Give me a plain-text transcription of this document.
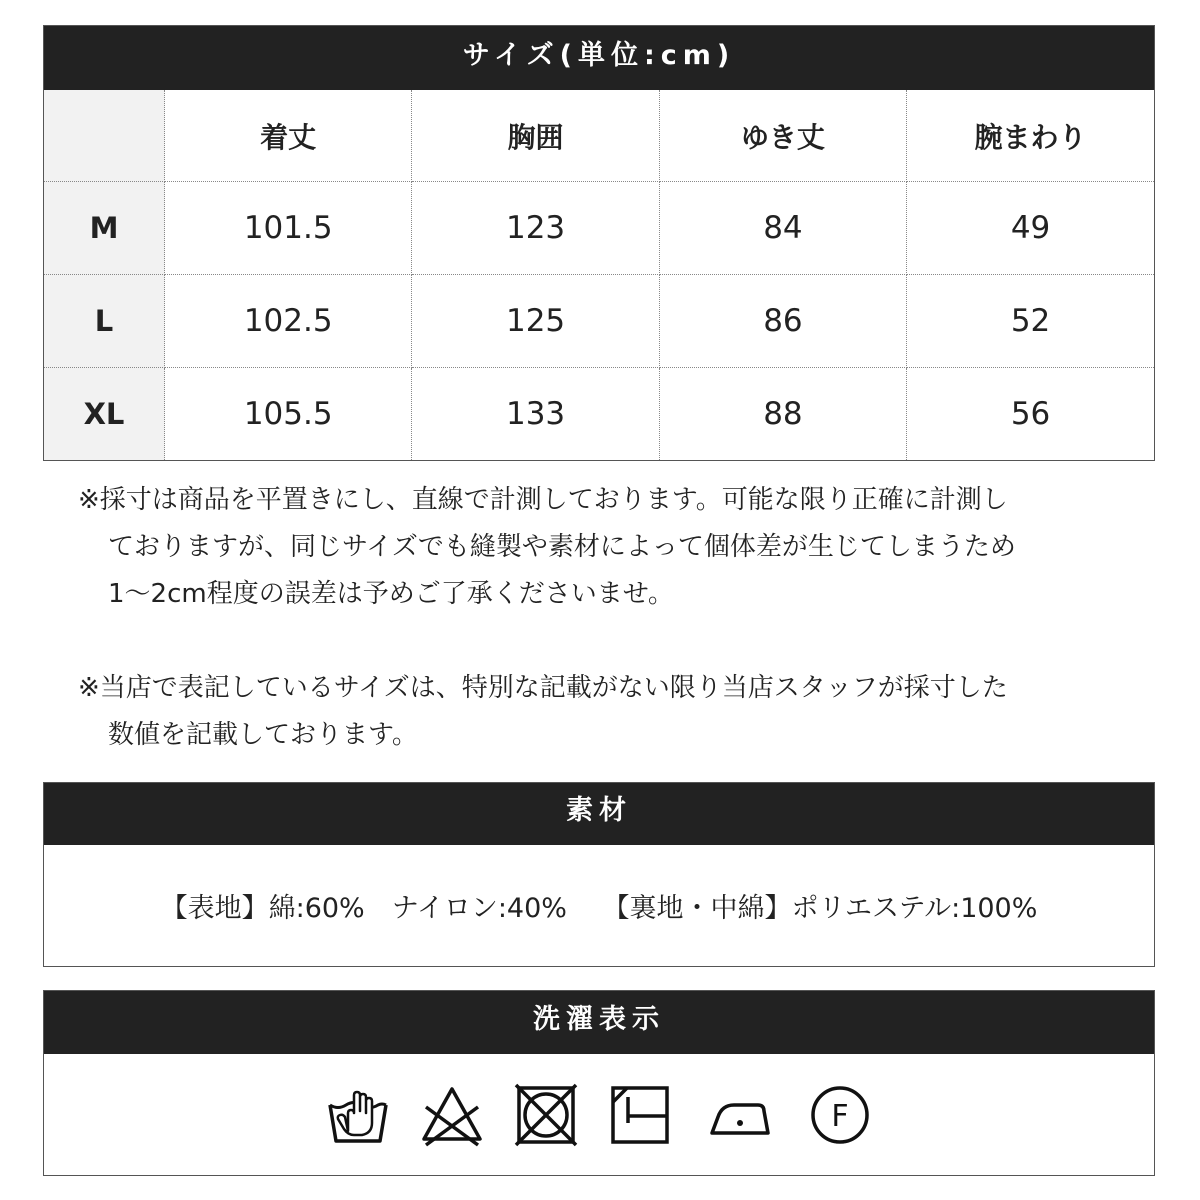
サイズ(単位:cm)
	着丈	胸囲	ゆき丈	腕まわり
M	101.5	123	84	49
L	102.5	125	86	52
XL	105.5	133	88	56

※採寸は商品を平置きにし、直線で計測しております。可能な限り正確に計測し
ておりますが、同じサイズでも縫製や素材によって個体差が生じてしまうため
1〜2cm程度の誤差は予めご了承くださいませ。

※当店で表記しているサイズは、特別な記載がない限り当店スタッフが採寸した
数値を記載しております。

素材
【表地】綿:60%　ナイロン:40%
　 【裏地・中綿】ポリエステル:100%
洗濯表示
F
